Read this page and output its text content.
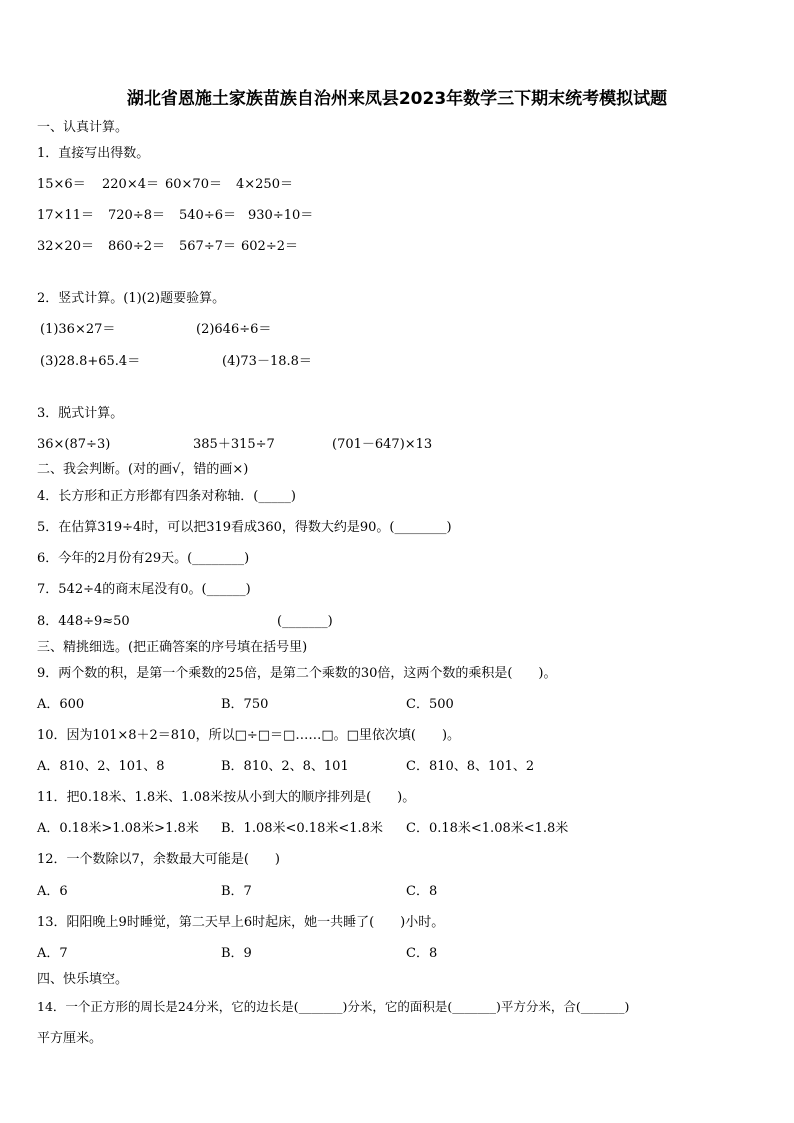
湖北省恩施土家族苗族自治州来凤县2023年数学三下期末统考模拟试题
一、认真计算。
1．直接写出得数。
15×6＝ 220×4＝ 60×70＝ 4×250＝
17×11＝ 720÷8＝ 540÷6＝ 930÷10＝
32×20＝ 860÷2＝ 567÷7＝ 602÷2＝
2．竖式计算。(1)(2)题要验算。
(1)36×27＝	(2)646÷6＝
(3)28.8+65.4＝	(4)73－18.8＝
3．脱式计算。
36×(87÷3)	385＋315÷7	(701－647)×13
二、我会判断。(对的画√，错的画×)
4．长方形和正方形都有四条对称轴．(_____)
5．在估算319÷4时，可以把319看成360，得数大约是90。(________)
6．今年的2月份有29天。(________)
7．542÷4的商末尾没有0。(______)
8．448÷9≈50	(_______)
三、精挑细选。(把正确答案的序号填在括号里)
9．两个数的积，是第一个乘数的25倍，是第二个乘数的30倍，这两个数的乘积是(　　)。
A．600	B．750	C．500
10．因为101×8＋2＝810，所以□÷□＝□……□。□里依次填(　　)。
A．810、2、101、8	B．810、2、8、101	C．810、8、101、2
11．把0.18米、1.8米、1.08米按从小到大的顺序排列是(　　)。
A．0.18米>1.08米>1.8米 B．1.08米<0.18米<1.8米 C．0.18米<1.08米<1.8米
12．一个数除以7，余数最大可能是(　　)
A．6	B．7	C．8
13．阳阳晚上9时睡觉，第二天早上6时起床，她一共睡了(　　)小时。
A．7	B．9	C．8
四、快乐填空。
14．一个正方形的周长是24分米，它的边长是(_______)分米，它的面积是(_______)平方分米，合(_______)
平方厘米。
